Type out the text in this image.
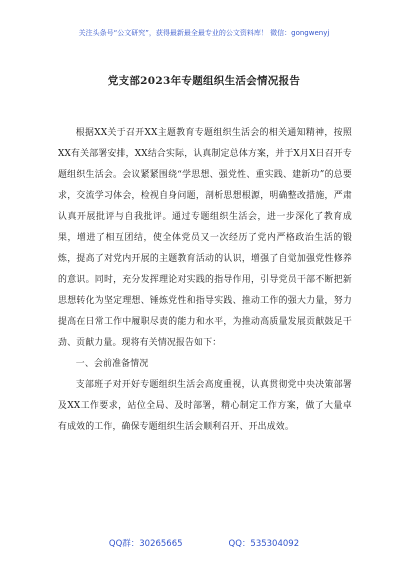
关注头条号“公文研究”，获得最新最全最专业的公文资料库！ 微信：gongwenyj
党支部2023年专题组织生活会情况报告

根据XX关于召开XX主题教育专题组织生活会的相关通知精神，按照XX有关部署安排，XX结合实际，认真制定总体方案，并于X月X日召开专题组织生活会。会议紧紧围绕“学思想、强党性、重实践、建新功”的总要求，交流学习体会，检视自身问题，剖析思想根源，明确整改措施，严肃认真开展批评与自我批评。通过专题组织生活会，进一步深化了教育成果，增进了相互团结，使全体党员又一次经历了党内严格政治生活的锻炼，提高了对党内开展的主题教育活动的认识，增强了自觉加强党性修养的意识。同时，充分发挥理论对实践的指导作用，引导党员干部不断把新思想转化为坚定理想、锤炼党性和指导实践、推动工作的强大力量，努力提高在日常工作中履职尽责的能力和水平，为推动高质量发展贡献鼓足干劲、贡献力量。现将有关情况报告如下：

一、会前准备情况

支部班子对开好专题组织生活会高度重视，认真贯彻党中央决策部署及XX工作要求，站位全局、及时部署，精心制定工作方案，做了大量卓有成效的工作，确保专题组织生活会顺利召开、开出成效。

QQ群：30265665	QQ：535304092
